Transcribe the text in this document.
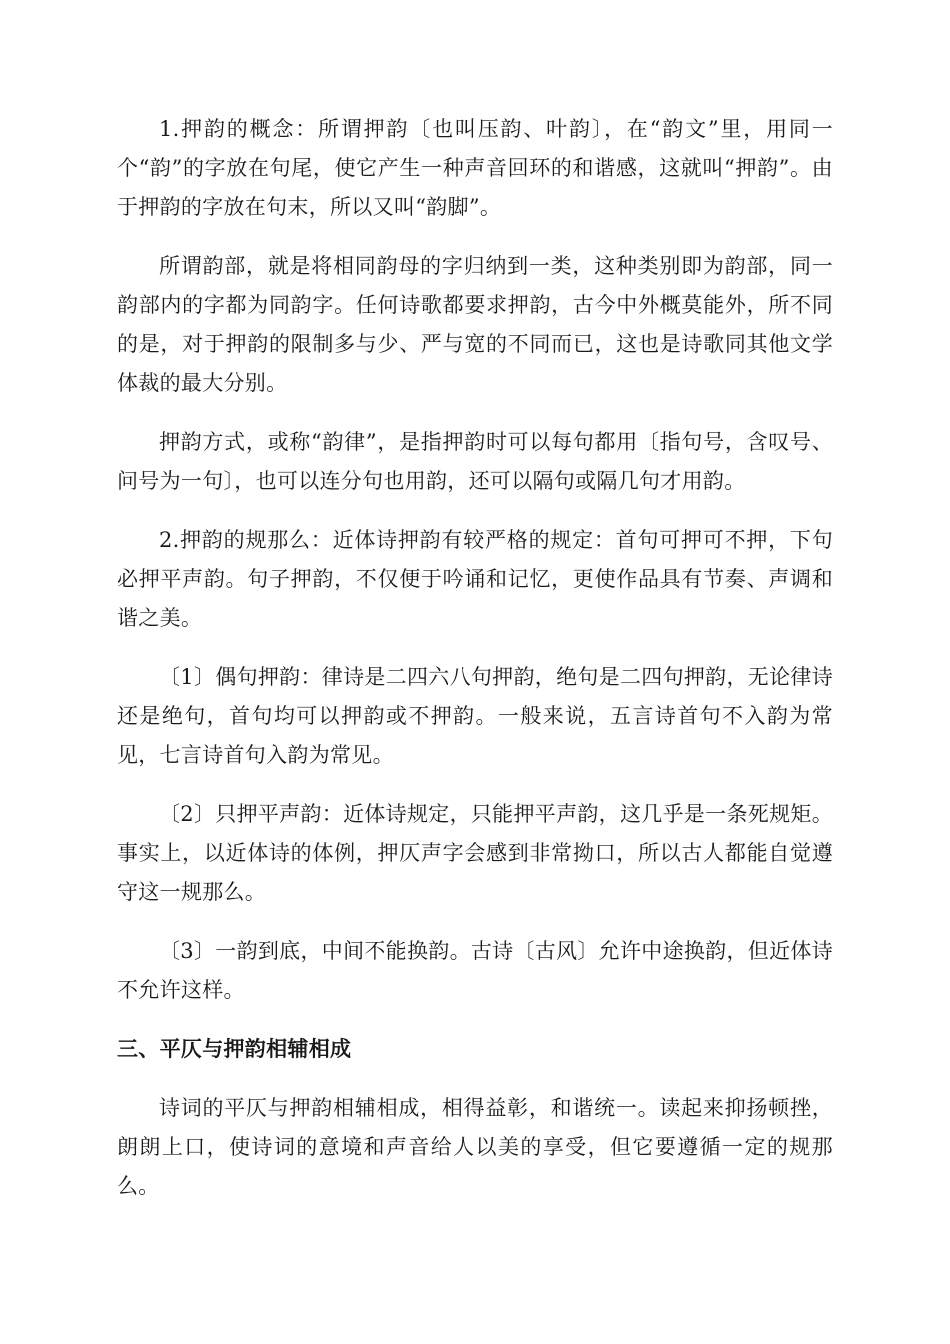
1.押韵的概念：所谓押韵〔也叫压韵、叶韵〕，在“韵文”里，用同一个“韵”的字放在句尾，使它产生一种声音回环的和谐感，这就叫“押韵”。由于押韵的字放在句末，所以又叫“韵脚”。

所谓韵部，就是将相同韵母的字归纳到一类，这种类别即为韵部，同一韵部内的字都为同韵字。任何诗歌都要求押韵，古今中外概莫能外，所不同的是，对于押韵的限制多与少、严与宽的不同而已，这也是诗歌同其他文学体裁的最大分别。

押韵方式，或称“韵律”，是指押韵时可以每句都用〔指句号，含叹号、问号为一句〕，也可以连分句也用韵，还可以隔句或隔几句才用韵。

2.押韵的规那么：近体诗押韵有较严格的规定：首句可押可不押，下句必押平声韵。句子押韵，不仅便于吟诵和记忆，更使作品具有节奏、声调和谐之美。

〔1〕偶句押韵：律诗是二四六八句押韵，绝句是二四句押韵，无论律诗还是绝句，首句均可以押韵或不押韵。一般来说，五言诗首句不入韵为常见，七言诗首句入韵为常见。

〔2〕只押平声韵：近体诗规定，只能押平声韵，这几乎是一条死规矩。事实上，以近体诗的体例，押仄声字会感到非常拗口，所以古人都能自觉遵守这一规那么。

〔3〕一韵到底，中间不能换韵。古诗〔古风〕允许中途换韵，但近体诗不允许这样。

三、平仄与押韵相辅相成

诗词的平仄与押韵相辅相成，相得益彰，和谐统一。读起来抑扬顿挫，朗朗上口，使诗词的意境和声音给人以美的享受，但它要遵循一定的规那么。
